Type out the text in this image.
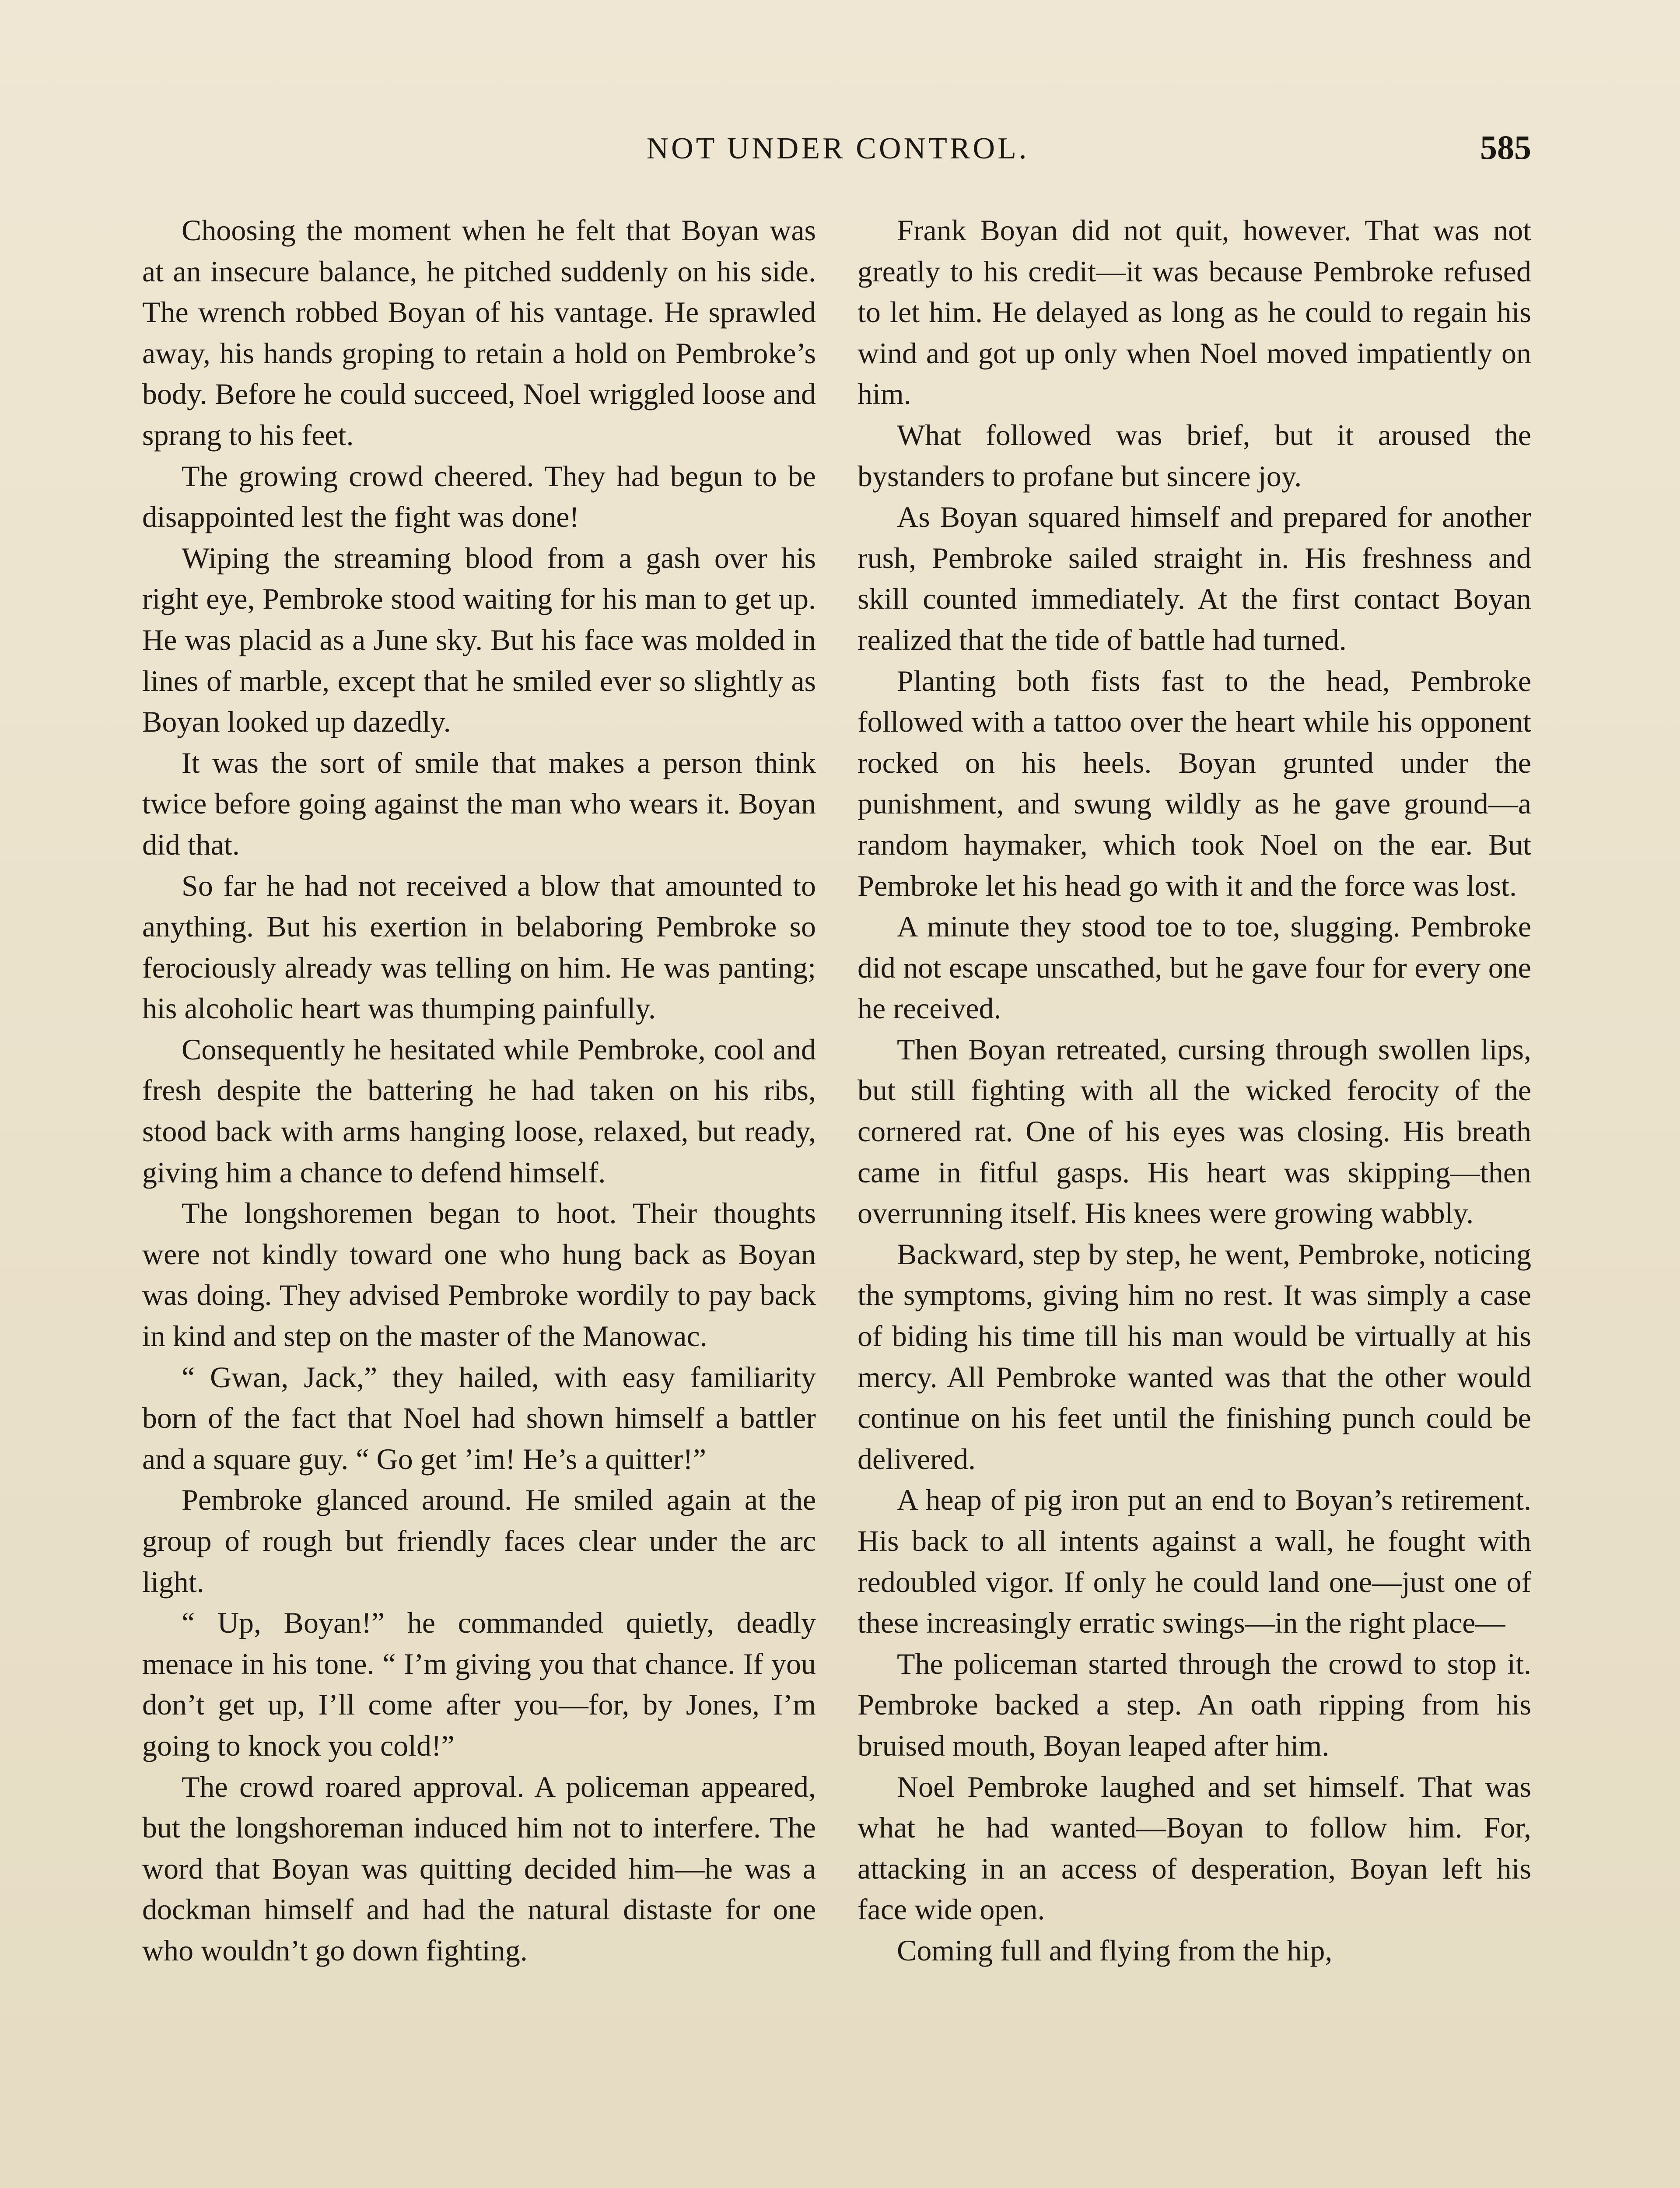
NOT UNDER CONTROL.	585

Choosing the moment when he felt that Boyan was at an insecure balance, he pitched suddenly on his side. The wrench robbed Boyan of his vantage. He sprawled away, his hands groping to retain a hold on Pembroke’s body. Before he could succeed, Noel wriggled loose and sprang to his feet.

The growing crowd cheered. They had begun to be disappointed lest the fight was done!

Wiping the streaming blood from a gash over his right eye, Pembroke stood waiting for his man to get up. He was placid as a June sky. But his face was molded in lines of marble, except that he smiled ever so slightly as Boyan looked up dazedly.

It was the sort of smile that makes a person think twice before going against the man who wears it. Boyan did that.

So far he had not received a blow that amounted to anything. But his exertion in belaboring Pembroke so ferociously already was telling on him. He was panting; his alcoholic heart was thumping painfully.

Consequently he hesitated while Pembroke, cool and fresh despite the battering he had taken on his ribs, stood back with arms hanging loose, relaxed, but ready, giving him a chance to defend himself.

The longshoremen began to hoot. Their thoughts were not kindly toward one who hung back as Boyan was doing. They advised Pembroke wordily to pay back in kind and step on the master of the Manowac.

“ Gwan, Jack,” they hailed, with easy familiarity born of the fact that Noel had shown himself a battler and a square guy. “ Go get ’im! He’s a quitter!”

Pembroke glanced around. He smiled again at the group of rough but friendly faces clear under the arc light.

“ Up, Boyan!” he commanded quietly, deadly menace in his tone. “ I’m giving you that chance. If you don’t get up, I’ll come after you—for, by Jones, I’m going to knock you cold!”

The crowd roared approval. A policeman appeared, but the longshoreman induced him not to interfere. The word that Boyan was quitting decided him—he was a dockman himself and had the natural distaste for one who wouldn’t go down fighting.

Frank Boyan did not quit, however. That was not greatly to his credit—it was because Pembroke refused to let him. He delayed as long as he could to regain his wind and got up only when Noel moved impatiently on him.

What followed was brief, but it aroused the bystanders to profane but sincere joy.

As Boyan squared himself and prepared for another rush, Pembroke sailed straight in. His freshness and skill counted immediately. At the first contact Boyan realized that the tide of battle had turned.

Planting both fists fast to the head, Pembroke followed with a tattoo over the heart while his opponent rocked on his heels. Boyan grunted under the punishment, and swung wildly as he gave ground—a random haymaker, which took Noel on the ear. But Pembroke let his head go with it and the force was lost.

A minute they stood toe to toe, slugging. Pembroke did not escape unscathed, but he gave four for every one he received.

Then Boyan retreated, cursing through swollen lips, but still fighting with all the wicked ferocity of the cornered rat. One of his eyes was closing. His breath came in fitful gasps. His heart was skipping—then overrunning itself. His knees were growing wabbly.

Backward, step by step, he went, Pembroke, noticing the symptoms, giving him no rest. It was simply a case of biding his time till his man would be virtually at his mercy. All Pembroke wanted was that the other would continue on his feet until the finishing punch could be delivered.

A heap of pig iron put an end to Boyan’s retirement. His back to all intents against a wall, he fought with redoubled vigor. If only he could land one—just one of these increasingly erratic swings—in the right place—

The policeman started through the crowd to stop it. Pembroke backed a step. An oath ripping from his bruised mouth, Boyan leaped after him.

Noel Pembroke laughed and set himself. That was what he had wanted—Boyan to follow him. For, attacking in an access of desperation, Boyan left his face wide open.

Coming full and flying from the hip,
